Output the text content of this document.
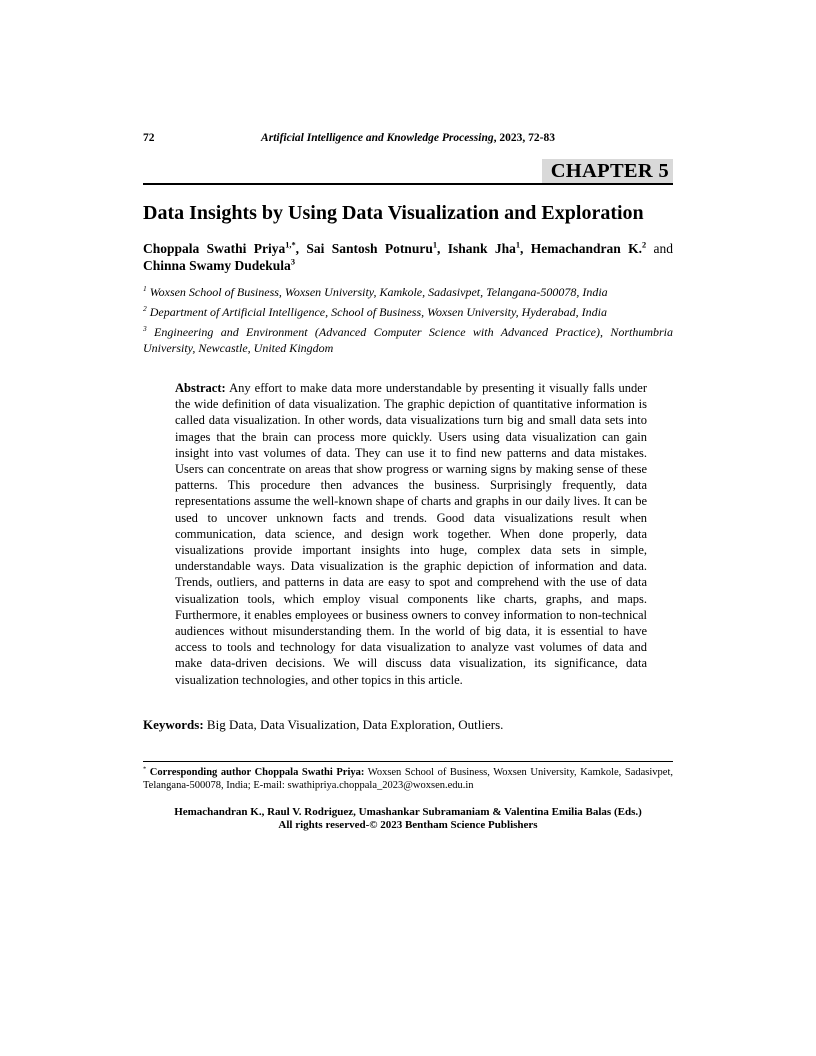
72	Artificial Intelligence and Knowledge Processing, 2023, 72-83
CHAPTER 5
Data Insights by Using Data Visualization and Exploration

Choppala Swathi Priya$^{1,*}$, Sai Santosh Potnuru$^1$, Ishank Jha$^1$, Hemachandran K.$^2$ and Chinna Swamy Dudekula$^3$

$^1$ Woxsen School of Business, Woxsen University, Kamkole, Sadasivpet, Telangana-500078, India

$^2$ Department of Artificial Intelligence, School of Business, Woxsen University, Hyderabad, India

$^3$ Engineering and Environment (Advanced Computer Science with Advanced Practice), Northumbria University, Newcastle, United Kingdom

Abstract: Any effort to make data more understandable by presenting it visually falls under the wide definition of data visualization. The graphic depiction of quantitative information is called data visualization. In other words, data visualizations turn big and small data sets into images that the brain can process more quickly. Users using data visualization can gain insight into vast volumes of data. They can use it to find new patterns and data mistakes. Users can concentrate on areas that show progress or warning signs by making sense of these patterns. This procedure then advances the business. Surprisingly frequently, data representations assume the well-known shape of charts and graphs in our daily lives. It can be used to uncover unknown facts and trends. Good data visualizations result when communication, data science, and design work together. When done properly, data visualizations provide important insights into huge, complex data sets in simple, understandable ways. Data visualization is the graphic depiction of information and data. Trends, outliers, and patterns in data are easy to spot and comprehend with the use of data visualization tools, which employ visual components like charts, graphs, and maps. Furthermore, it enables employees or business owners to convey information to non-technical audiences without misunderstanding them. In the world of big data, it is essential to have access to tools and technology for data visualization to analyze vast volumes of data and make data-driven decisions. We will discuss data visualization, its significance, data visualization technologies, and other topics in this article.

Keywords: Big Data, Data Visualization, Data Exploration, Outliers.

* Corresponding author Choppala Swathi Priya: Woxsen School of Business, Woxsen University, Kamkole, Sadasivpet, Telangana-500078, India; E-mail: swathipriya.choppala_2023@woxsen.edu.in

Hemachandran K., Raul V. Rodriguez, Umashankar Subramaniam & Valentina Emilia Balas (Eds.)
All rights reserved-© 2023 Bentham Science Publishers
